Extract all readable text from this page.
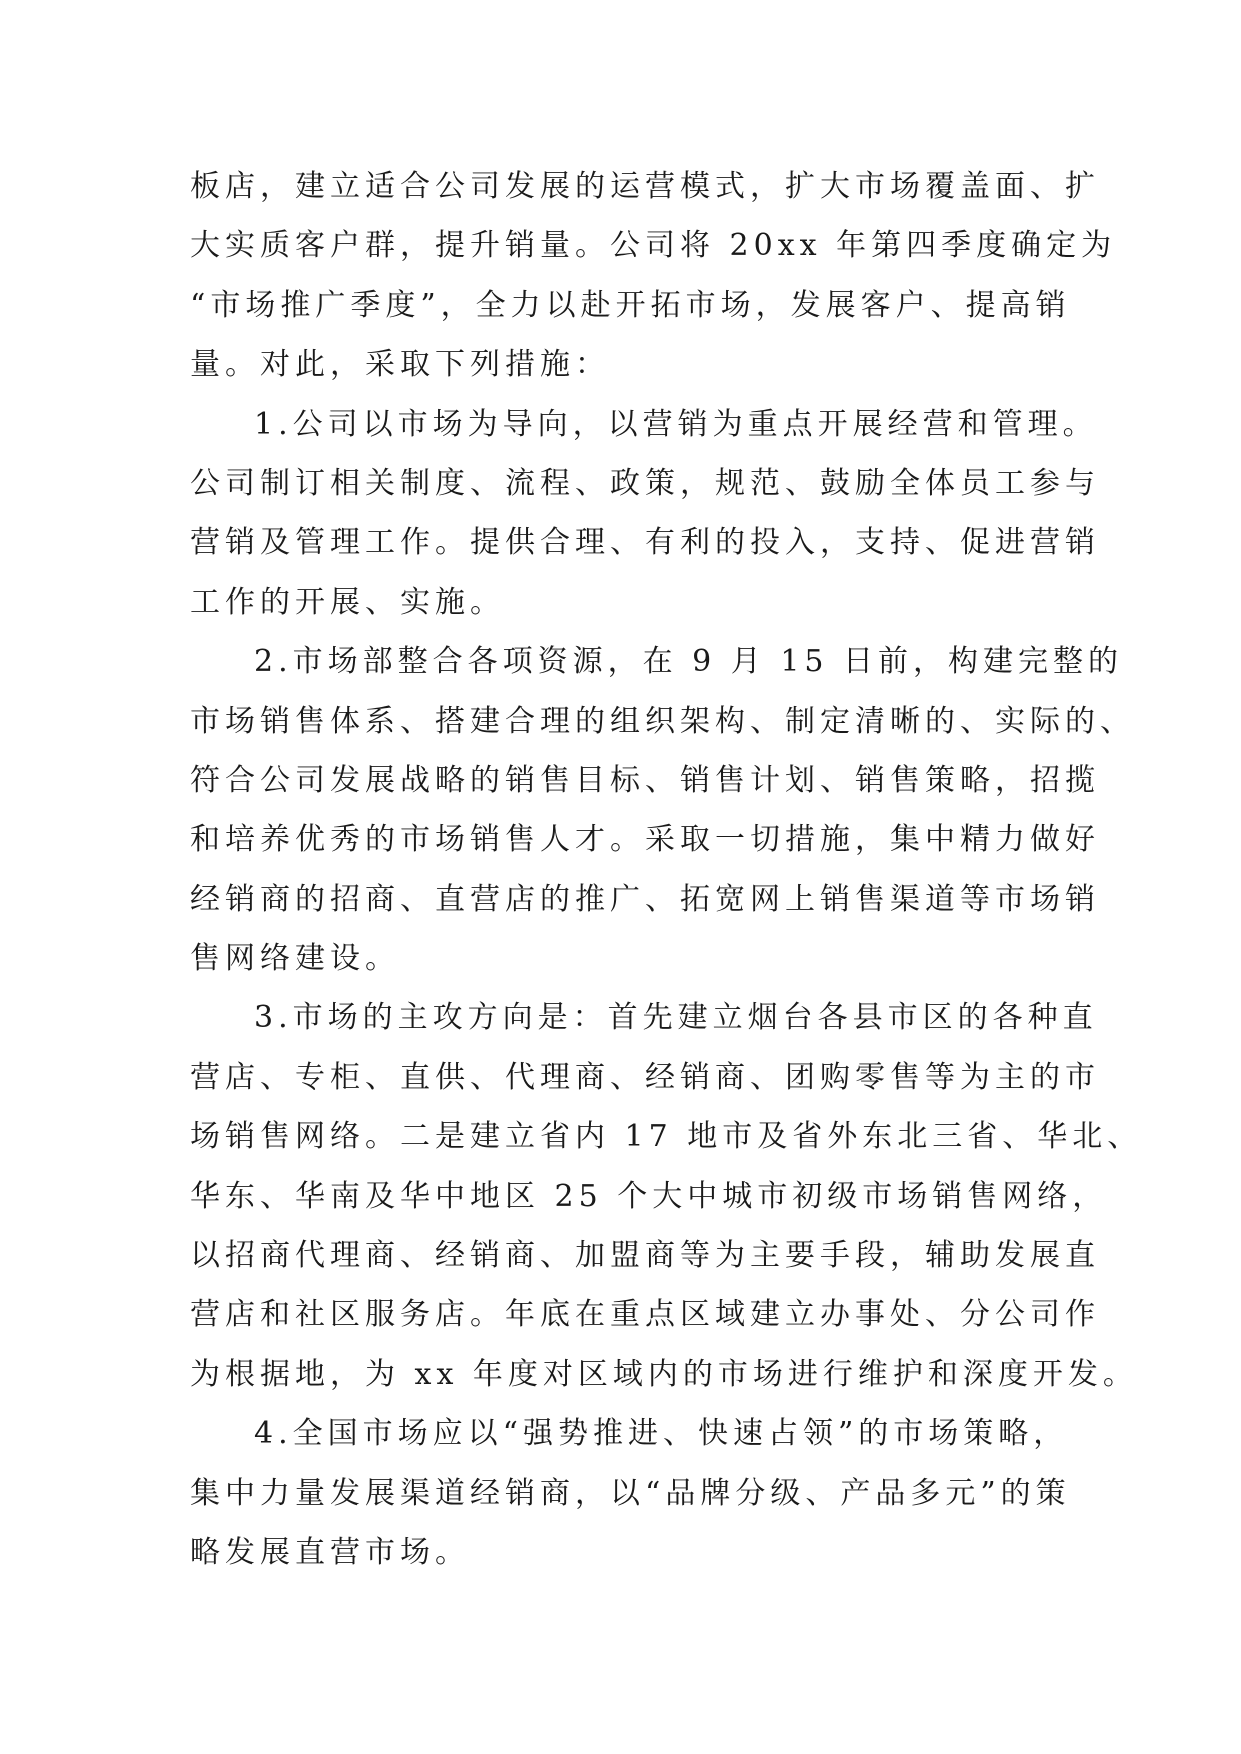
板店，建立适合公司发展的运营模式，扩大市场覆盖面、扩
大实质客户群，提升销量。公司将 20xx 年第四季度确定为
“市场推广季度”，全力以赴开拓市场，发展客户、提高销
量。对此，采取下列措施：
1.公司以市场为导向，以营销为重点开展经营和管理。
公司制订相关制度、流程、政策，规范、鼓励全体员工参与
营销及管理工作。提供合理、有利的投入，支持、促进营销
工作的开展、实施。
2.市场部整合各项资源，在 9 月 15 日前，构建完整的
市场销售体系、搭建合理的组织架构、制定清晰的、实际的、
符合公司发展战略的销售目标、销售计划、销售策略，招揽
和培养优秀的市场销售人才。采取一切措施，集中精力做好
经销商的招商、直营店的推广、拓宽网上销售渠道等市场销
售网络建设。
3.市场的主攻方向是：首先建立烟台各县市区的各种直
营店、专柜、直供、代理商、经销商、团购零售等为主的市
场销售网络。二是建立省内 17 地市及省外东北三省、华北、
华东、华南及华中地区 25 个大中城市初级市场销售网络，
以招商代理商、经销商、加盟商等为主要手段，辅助发展直
营店和社区服务店。年底在重点区域建立办事处、分公司作
为根据地，为 xx 年度对区域内的市场进行维护和深度开发。
4.全国市场应以“强势推进、快速占领”的市场策略，
集中力量发展渠道经销商，以“品牌分级、产品多元”的策
略发展直营市场。
